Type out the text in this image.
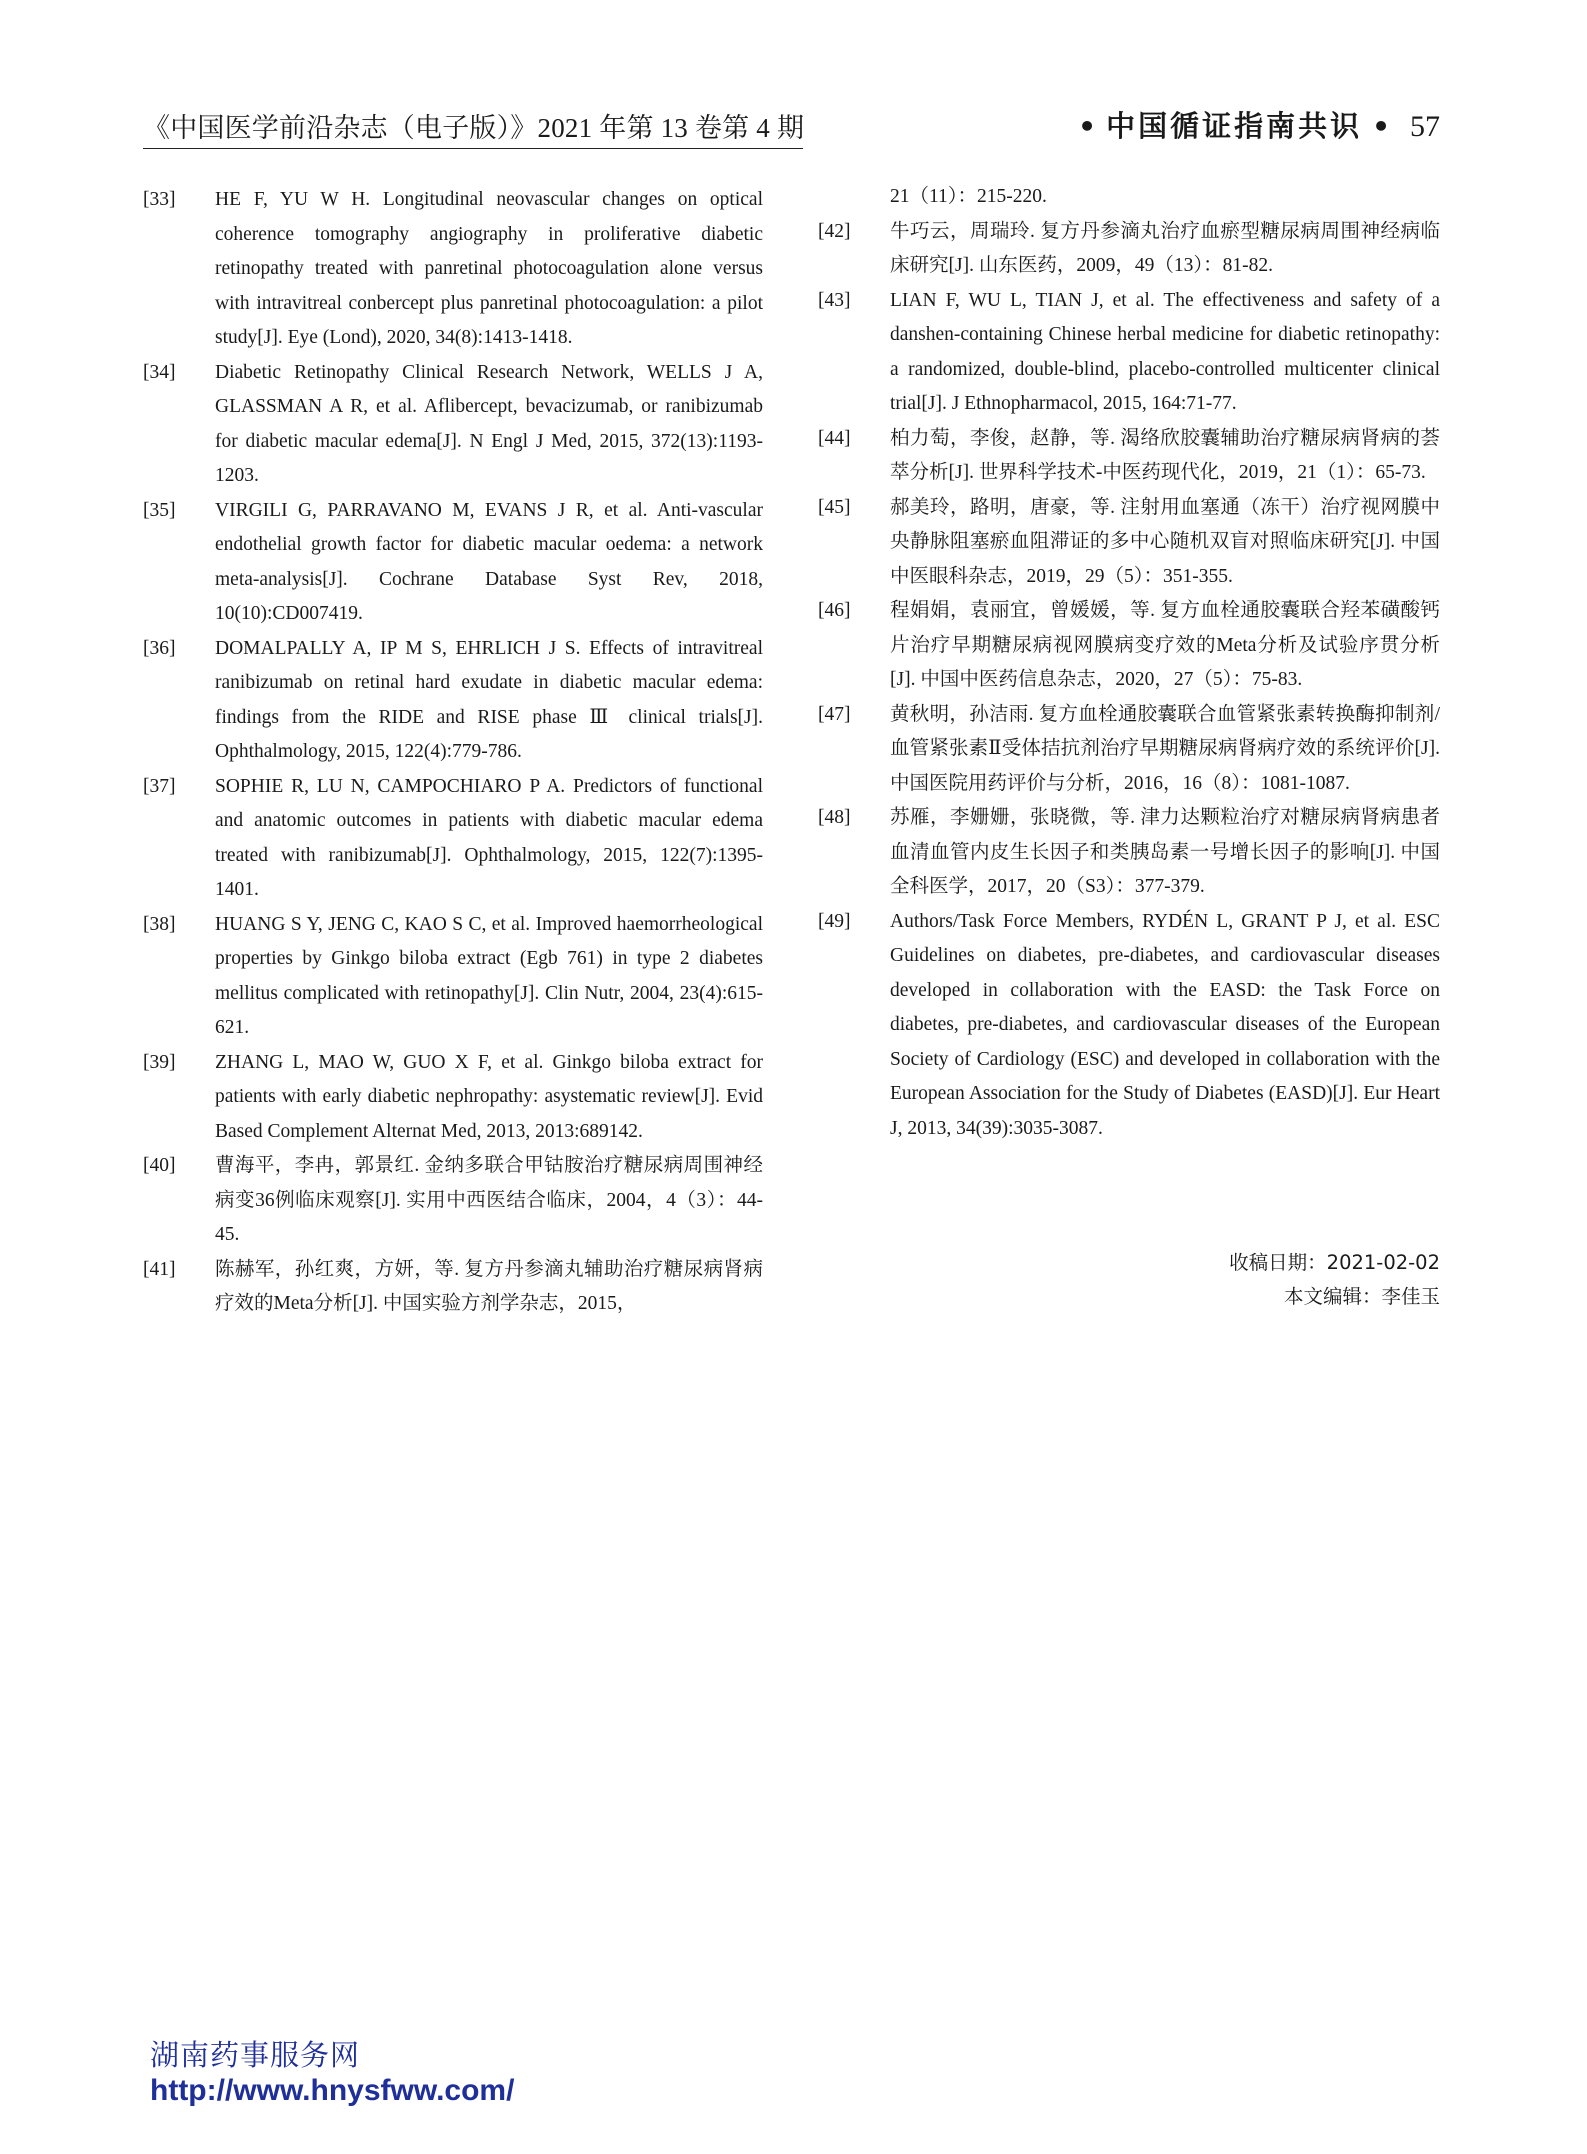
《中国医学前沿杂志（电子版）》2021 年第 13 卷第 4 期	• 中国循证指南共识 • 57
[33] HE F, YU W H. Longitudinal neovascular changes on optical coherence tomography angiography in proliferative diabetic retinopathy treated with panretinal photocoagulation alone versus with intravitreal conbercept plus panretinal photocoagulation: a pilot study[J]. Eye (Lond), 2020, 34(8):1413-1418.
[34] Diabetic Retinopathy Clinical Research Network, WELLS J A, GLASSMAN A R, et al. Aflibercept, bevacizumab, or ranibizumab for diabetic macular edema[J]. N Engl J Med, 2015, 372(13):1193-1203.
[35] VIRGILI G, PARRAVANO M, EVANS J R, et al. Anti-vascular endothelial growth factor for diabetic macular oedema: a network meta-analysis[J]. Cochrane Database Syst Rev, 2018, 10(10):CD007419.
[36] DOMALPALLY A, IP M S, EHRLICH J S. Effects of intravitreal ranibizumab on retinal hard exudate in diabetic macular edema: findings from the RIDE and RISE phase Ⅲ clinical trials[J]. Ophthalmology, 2015, 122(4):779-786.
[37] SOPHIE R, LU N, CAMPOCHIARO P A. Predictors of functional and anatomic outcomes in patients with diabetic macular edema treated with ranibizumab[J]. Ophthalmology, 2015, 122(7):1395-1401.
[38] HUANG S Y, JENG C, KAO S C, et al. Improved haemorrheological properties by Ginkgo biloba extract (Egb 761) in type 2 diabetes mellitus complicated with retinopathy[J]. Clin Nutr, 2004, 23(4):615-621.
[39] ZHANG L, MAO W, GUO X F, et al. Ginkgo biloba extract for patients with early diabetic nephropathy: asystematic review[J]. Evid Based Complement Alternat Med, 2013, 2013:689142.
[40] 曹海平，李冉，郭景红. 金纳多联合甲钴胺治疗糖尿病周围神经病变36例临床观察[J]. 实用中西医结合临床，2004，4（3）：44-45.
[41] 陈赫军，孙红爽，方妍，等. 复方丹参滴丸辅助治疗糖尿病肾病疗效的Meta分析[J]. 中国实验方剂学杂志，2015，
21（11）：215-220.
[42] 牛巧云，周瑞玲. 复方丹参滴丸治疗血瘀型糖尿病周围神经病临床研究[J]. 山东医药，2009，49（13）：81-82.
[43] LIAN F, WU L, TIAN J, et al. The effectiveness and safety of a danshen-containing Chinese herbal medicine for diabetic retinopathy: a randomized, double-blind, placebo-controlled multicenter clinical trial[J]. J Ethnopharmacol, 2015, 164:71-77.
[44] 柏力萄，李俊，赵静，等. 渴络欣胶囊辅助治疗糖尿病肾病的荟萃分析[J]. 世界科学技术-中医药现代化，2019，21（1）：65-73.
[45] 郝美玲，路明，唐豪，等. 注射用血塞通（冻干）治疗视网膜中央静脉阻塞瘀血阻滞证的多中心随机双盲对照临床研究[J]. 中国中医眼科杂志，2019，29（5）：351-355.
[46] 程娟娟，袁丽宜，曾媛媛，等. 复方血栓通胶囊联合羟苯磺酸钙片治疗早期糖尿病视网膜病变疗效的Meta分析及试验序贯分析[J]. 中国中医药信息杂志，2020，27（5）：75-83.
[47] 黄秋明，孙洁雨. 复方血栓通胶囊联合血管紧张素转换酶抑制剂/血管紧张素Ⅱ受体拮抗剂治疗早期糖尿病肾病疗效的系统评价[J]. 中国医院用药评价与分析，2016，16（8）：1081-1087.
[48] 苏雁，李姗姗，张晓微，等. 津力达颗粒治疗对糖尿病肾病患者血清血管内皮生长因子和类胰岛素一号增长因子的影响[J]. 中国全科医学，2017，20（S3）：377-379.
[49] Authors/Task Force Members, RYDÉN L, GRANT P J, et al. ESC Guidelines on diabetes, pre-diabetes, and cardiovascular diseases developed in collaboration with the EASD: the Task Force on diabetes, pre-diabetes, and cardiovascular diseases of the European Society of Cardiology (ESC) and developed in collaboration with the European Association for the Study of Diabetes (EASD)[J]. Eur Heart J, 2013, 34(39):3035-3087.
收稿日期：2021-02-02
本文编辑：李佳玉
湖南药事服务网
http://www.hnysfww.com/
